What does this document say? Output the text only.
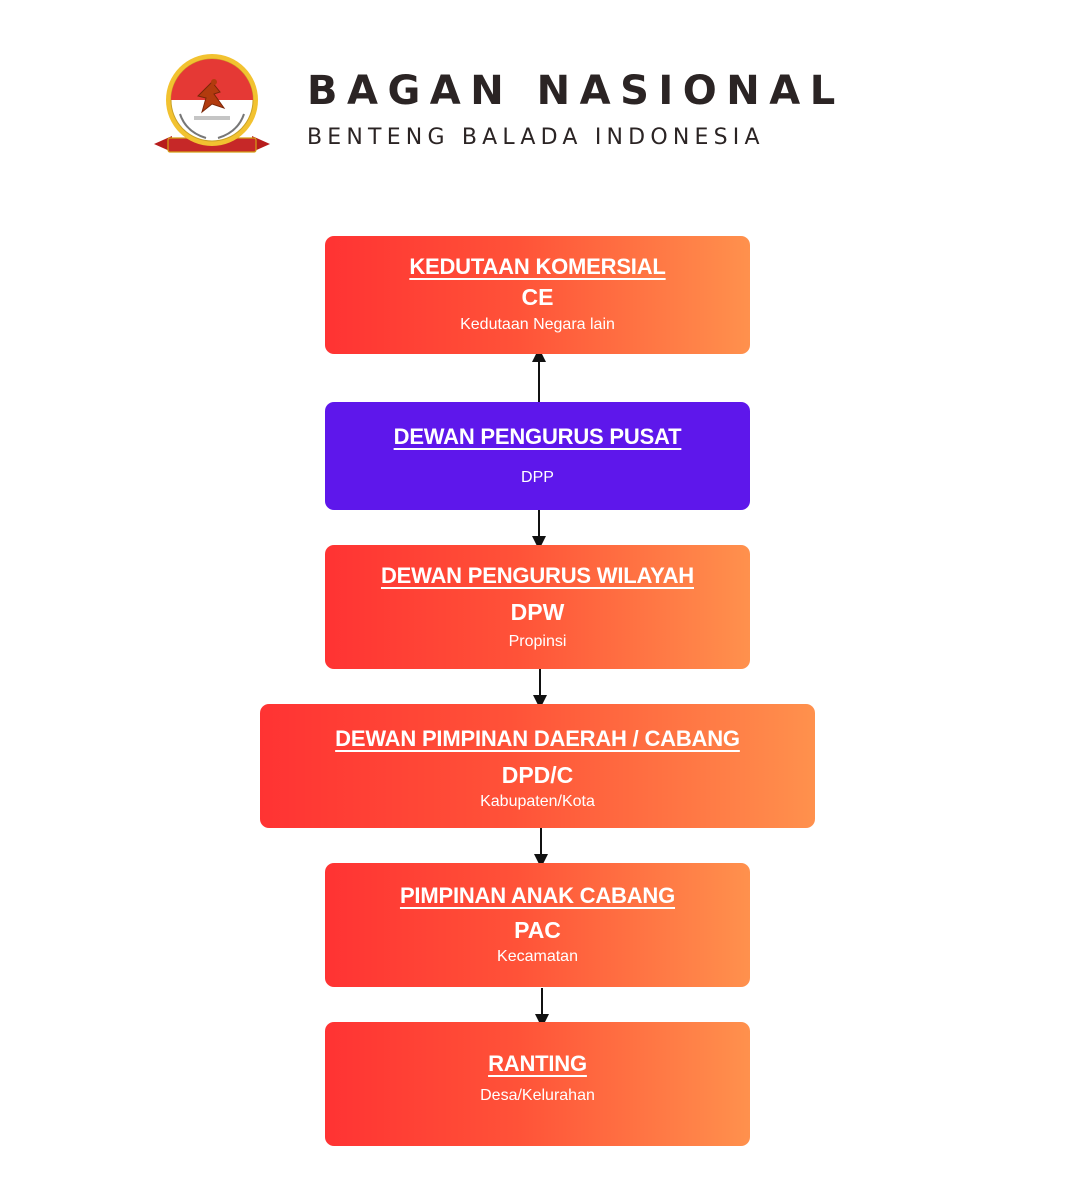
BAGAN NASIONAL
BENTENG BALADA INDONESIA
KEDUTAAN KOMERSIAL
CE
Kedutaan Negara lain
DEWAN PENGURUS PUSAT
DPP
DEWAN PENGURUS WILAYAH
DPW
Propinsi
DEWAN PIMPINAN DAERAH / CABANG
DPD/C
Kabupaten/Kota
PIMPINAN ANAK CABANG
PAC
Kecamatan
RANTING
Desa/Kelurahan
